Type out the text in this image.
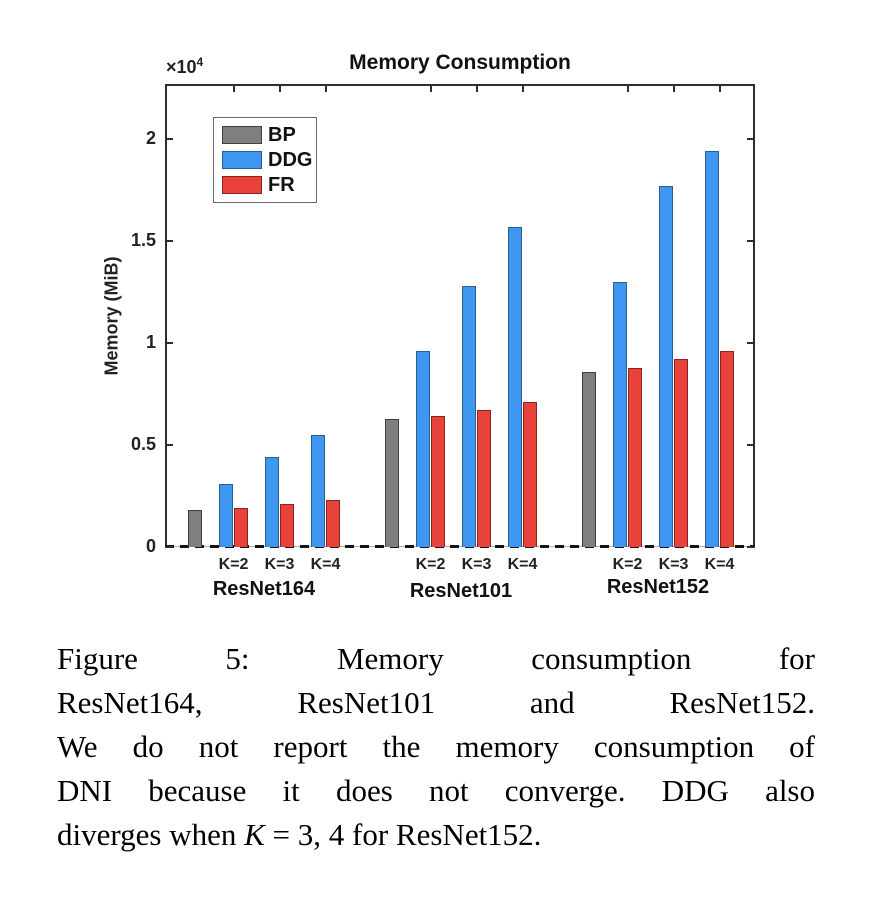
Memory Consumption
$\times 10^4$
Memory (MiB)
BP
DDG
FR
Figure 5: Memory consumption for
ResNet164, ResNet101 and ResNet152.
We do not report the memory consumption of
DNI because it does not converge. DDG also
diverges when K = 3, 4 for ResNet152.
0
0.5
1
1.5
2
K=2 K=3 K=4
ResNet164
K=2 K=3 K=4
ResNet101
K=2 K=3 K=4
ResNet152
